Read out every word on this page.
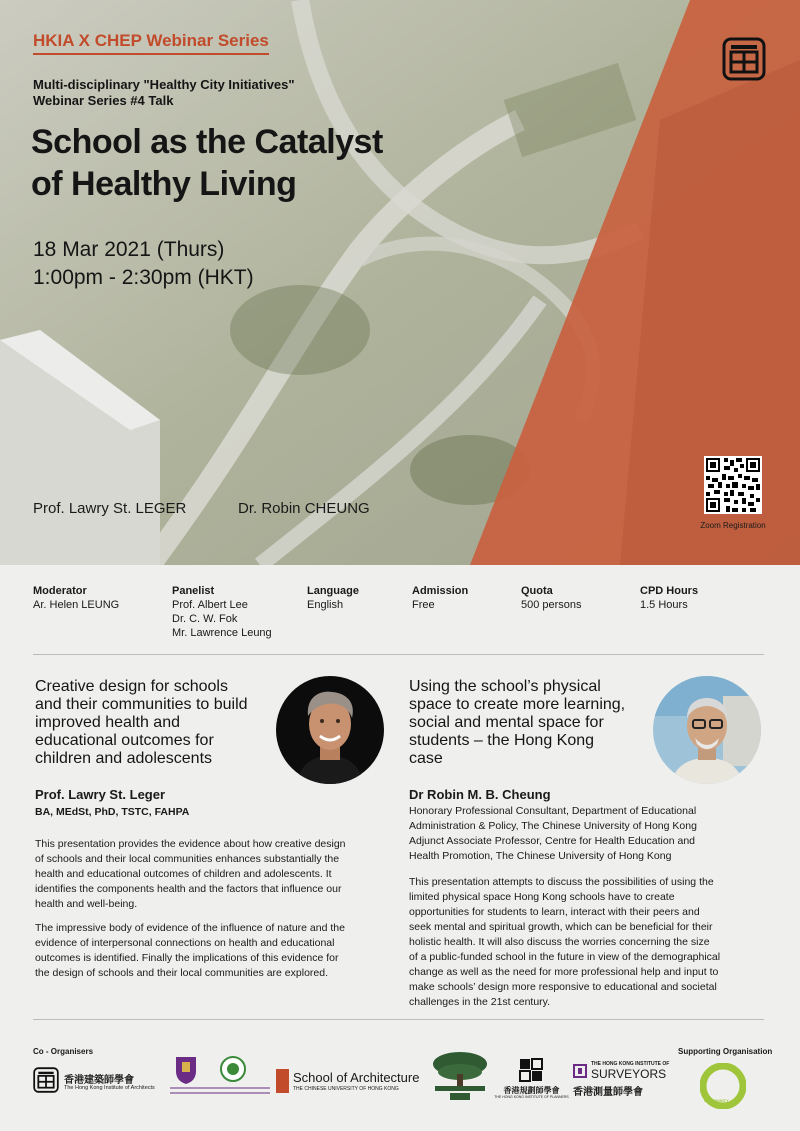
HKIA X CHEP Webinar Series
Multi-disciplinary "Healthy City Initiatives"
Webinar Series #4 Talk
School as the Catalyst
of Healthy Living
18 Mar 2021 (Thurs)
1:00pm - 2:30pm (HKT)
Prof. Lawry St. LEGER	Dr. Robin CHEUNG
Zoom Registration
Moderator
Ar. Helen LEUNG
Panelist
Prof. Albert Lee
Dr. C. W. Fok
Mr. Lawrence Leung
Language
English
Admission
Free
Quota
500 persons
CPD Hours
1.5 Hours
Creative design for schools
and their communities to build
improved health and
educational outcomes for
children and adolescents
Prof. Lawry St. Leger
BA, MEdSt, PhD, TSTC, FAHPA
This presentation provides the evidence about how creative design
of schools and their local communities enhances substantially the
health and educational outcomes of children and adolescents. It
identifies the components health and the factors that influence our
health and well-being.
The impressive body of evidence of the influence of nature and the
evidence of interpersonal connections on health and educational
outcomes is identified. Finally the implications of this evidence for
the design of schools and their local communities are explored.
Using the school’s physical
space to create more learning,
social and mental space for
students – the Hong Kong
case
Dr Robin M. B. Cheung
Honorary Professional Consultant, Department of Educational
Administration & Policy, The Chinese University of Hong Kong
Adjunct Associate Professor, Centre for Health Education and
Health Promotion, The Chinese University of Hong Kong
This presentation attempts to discuss the possibilities of using the
limited physical space Hong Kong schools have to create
opportunities for students to learn, interact with their peers and
seek mental and spiritual growth, which can be beneficial for their
holistic health. It will also discuss the worries concerning the size
of a public-funded school in the future in view of the demographical
change as well as the need for more professional help and input to
make schools’ design more responsive to educational and societal
challenges in the 21st century.
Co - Organisers	Supporting Organisation
香港建築師學會
The Hong Kong Institute of Architects
School of Architecture
THE CHINESE UNIVERSITY OF HONG KONG	香港規劃師學會
THE HONG KONG INSTITUTE OF PLANNERS
THE HONG KONG INSTITUTE OF
SURVEYORS
香港測量師學會
COMMUNITY
